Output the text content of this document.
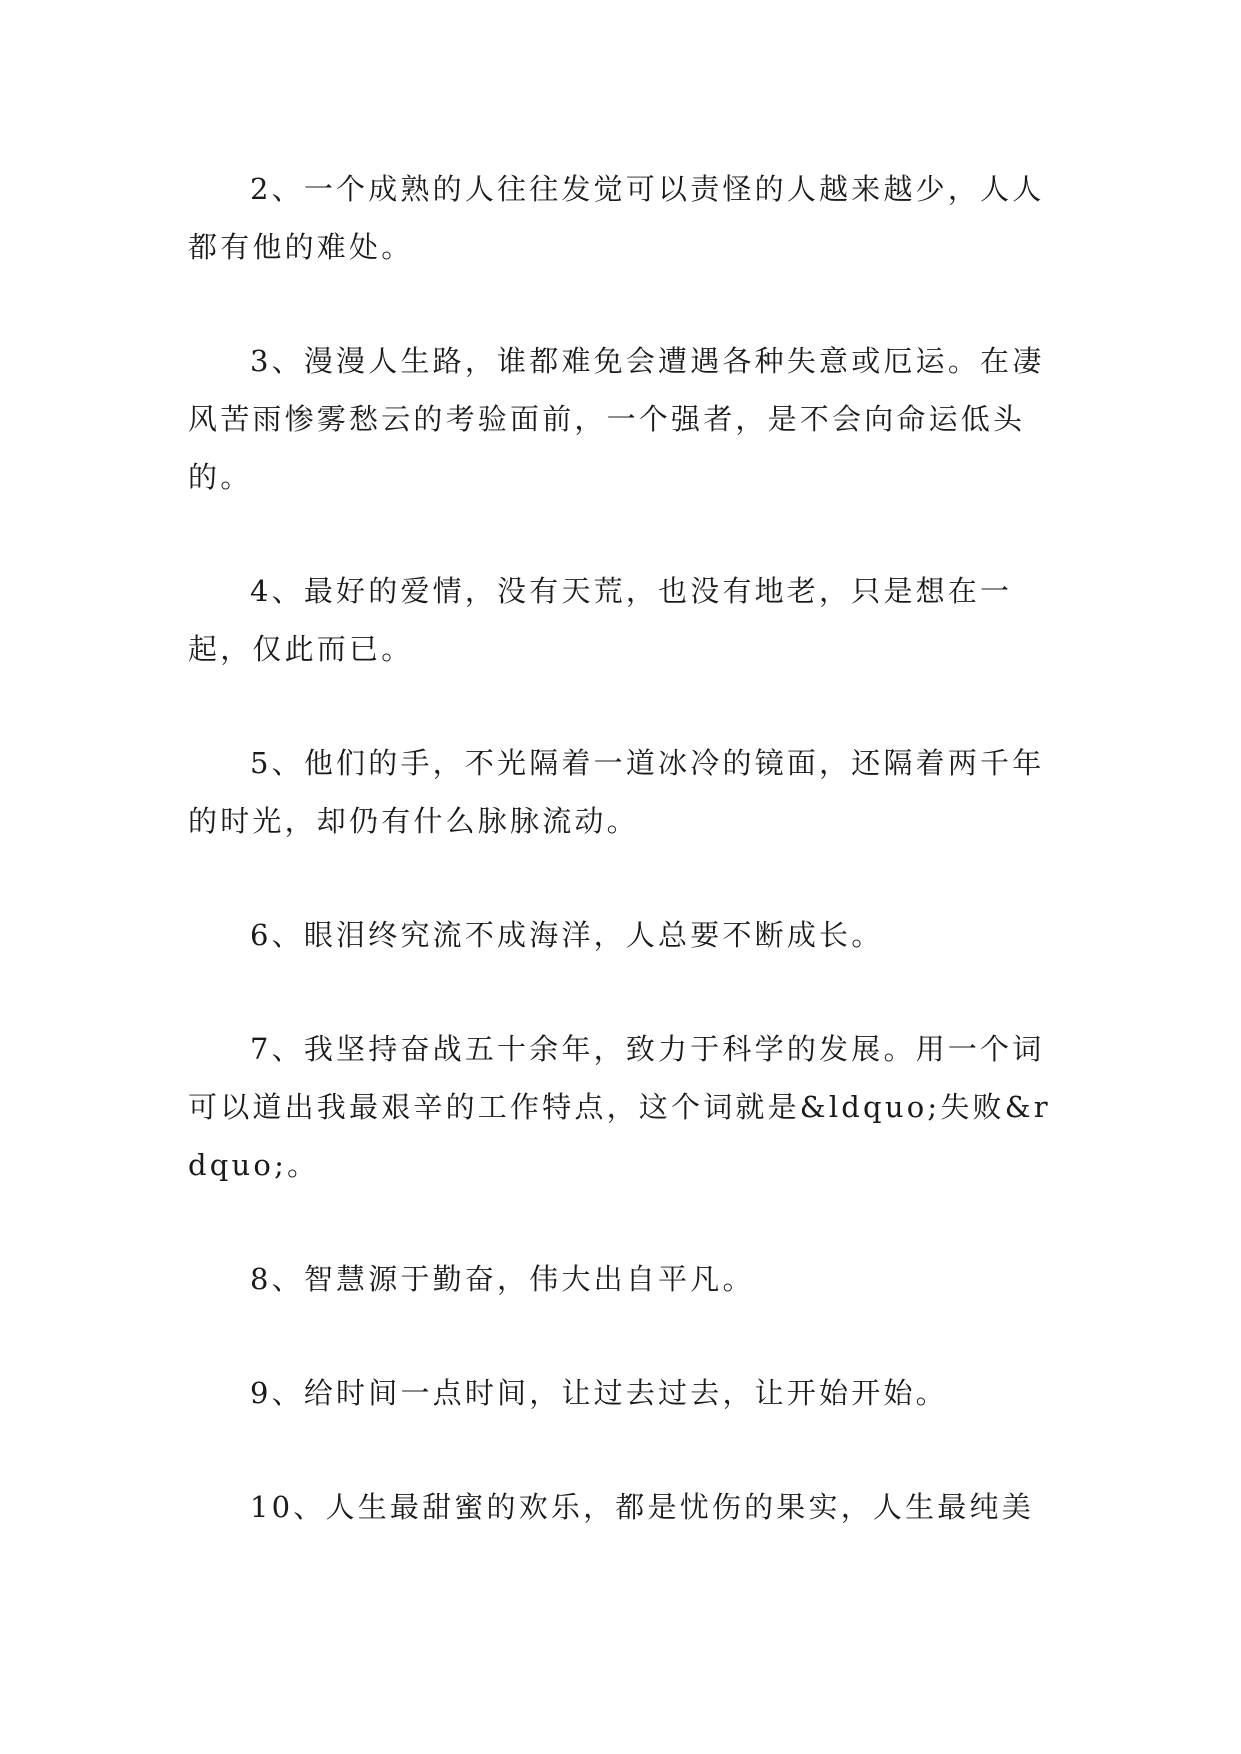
2、一个成熟的人往往发觉可以责怪的人越来越少，人人都有他的难处。

3、漫漫人生路，谁都难免会遭遇各种失意或厄运。在凄风苦雨惨雾愁云的考验面前，一个强者，是不会向命运低头的。

4、最好的爱情，没有天荒，也没有地老，只是想在一起，仅此而已。

5、他们的手，不光隔着一道冰冷的镜面，还隔着两千年的时光，却仍有什么脉脉流动。

6、眼泪终究流不成海洋，人总要不断成长。

7、我坚持奋战五十余年，致力于科学的发展。用一个词可以道出我最艰辛的工作特点，这个词就是&ldquo;失败&rdquo;。

8、智慧源于勤奋，伟大出自平凡。

9、给时间一点时间，让过去过去，让开始开始。

10、人生最甜蜜的欢乐，都是忧伤的果实，人生最纯美
